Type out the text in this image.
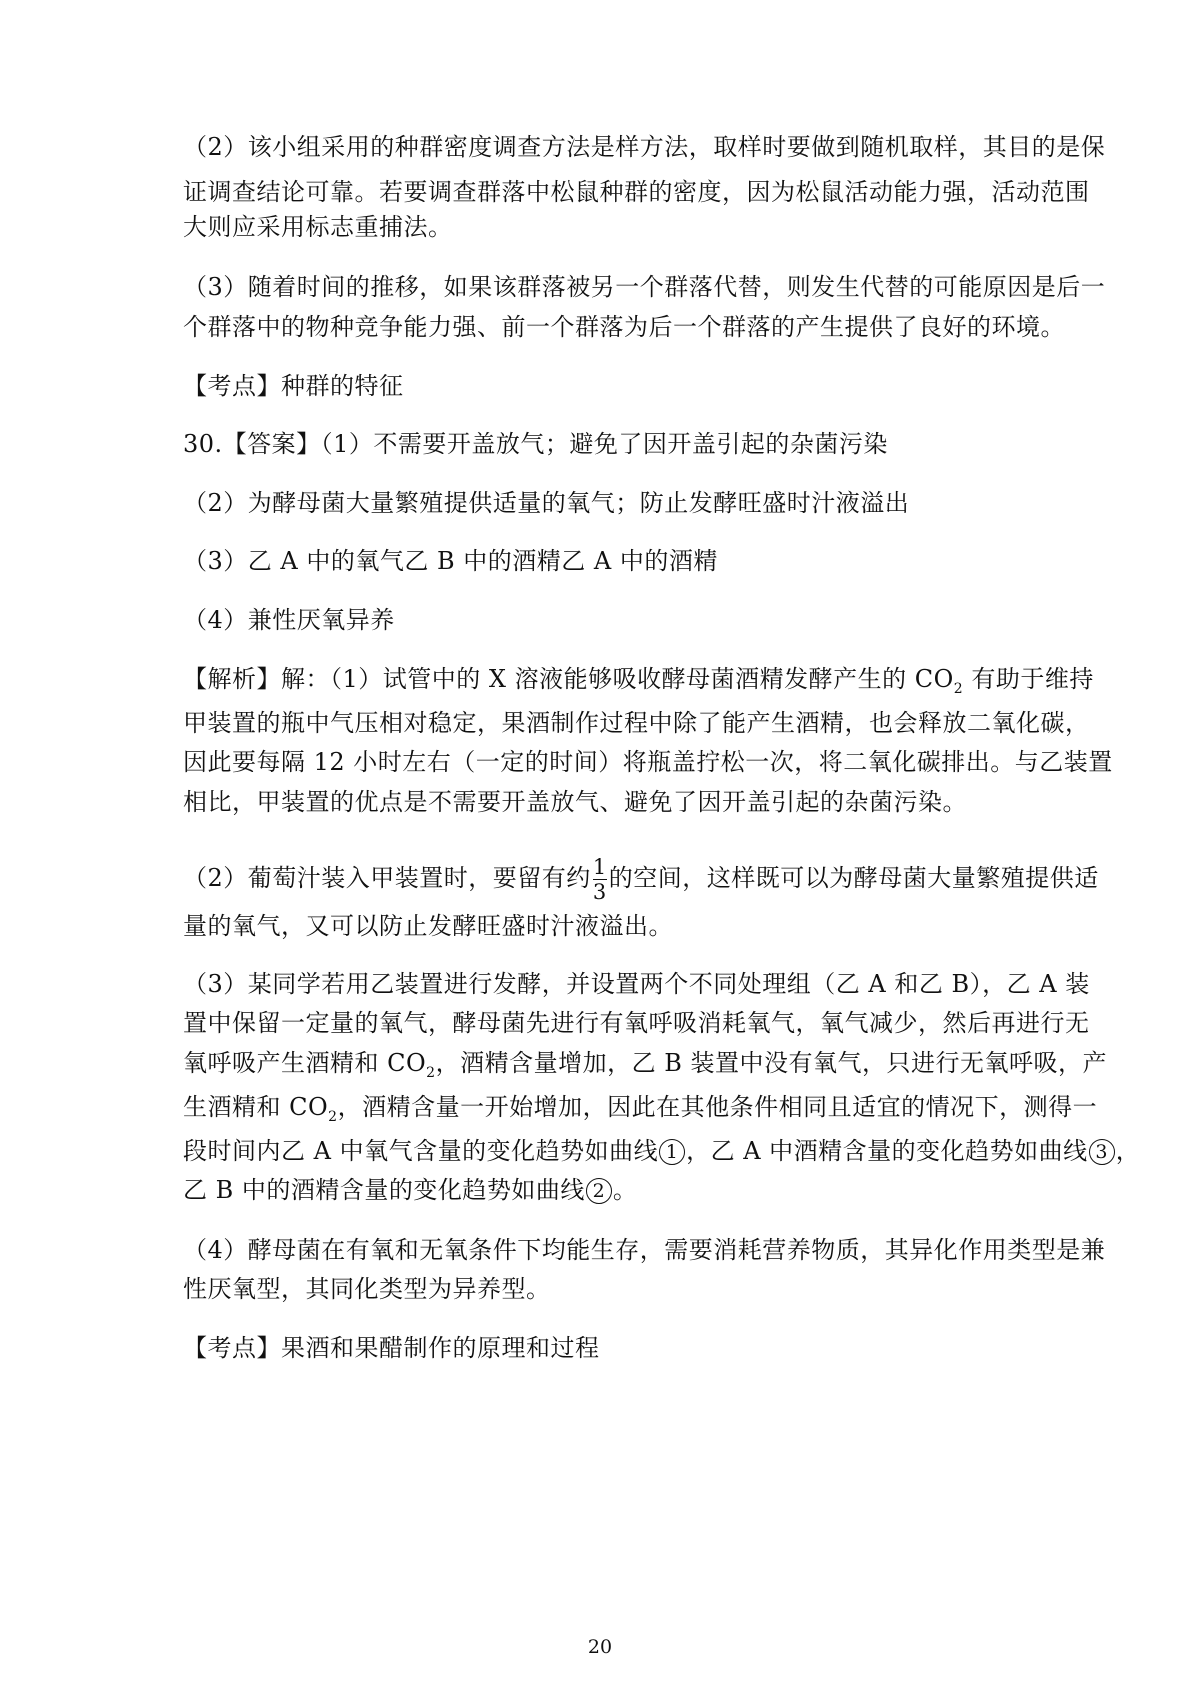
（2）该小组采用的种群密度调查方法是样方法，取样时要做到随机取样，其目的是保
证调查结论可靠。若要调查群落中松鼠种群的密度，因为松鼠活动能力强，活动范围
大则应采用标志重捕法。
（3）随着时间的推移，如果该群落被另一个群落代替，则发生代替的可能原因是后一
个群落中的物种竞争能力强、前一个群落为后一个群落的产生提供了良好的环境。
【考点】种群的特征
30.【答案】（1）不需要开盖放气；避免了因开盖引起的杂菌污染
（2）为酵母菌大量繁殖提供适量的氧气；防止发酵旺盛时汁液溢出
（3）乙 A 中的氧气乙 B 中的酒精乙 A 中的酒精
（4）兼性厌氧异养
【解析】解：（1）试管中的 X 溶液能够吸收酵母菌酒精发酵产生的 $CO_2$ 有助于维持
甲装置的瓶中气压相对稳定，果酒制作过程中除了能产生酒精，也会释放二氧化碳，
因此要每隔 12 小时左右（一定的时间）将瓶盖拧松一次，将二氧化碳排出。与乙装置
相比，甲装置的优点是不需要开盖放气、避免了因开盖引起的杂菌污染。
（2）葡萄汁装入甲装置时，要留有约 $\frac{1}{3}$ 的空间，这样既可以为酵母菌大量繁殖提供适
量的氧气，又可以防止发酵旺盛时汁液溢出。
（3）某同学若用乙装置进行发酵，并设置两个不同处理组（乙 A 和乙 B），乙 A 装
置中保留一定量的氧气，酵母菌先进行有氧呼吸消耗氧气，氧气减少，然后再进行无
氧呼吸产生酒精和 $CO_2$，酒精含量增加，乙 B 装置中没有氧气，只进行无氧呼吸，产
生酒精和 $CO_2$，酒精含量一开始增加，因此在其他条件相同且适宜的情况下，测得一
段时间内乙 A 中氧气含量的变化趋势如曲线 1 ，乙 A 中酒精含量的变化趋势如曲线 3 ，
乙 B 中的酒精含量的变化趋势如曲线 2 。
（4）酵母菌在有氧和无氧条件下均能生存，需要消耗营养物质，其异化作用类型是兼
性厌氧型，其同化类型为异养型。
【考点】果酒和果醋制作的原理和过程
20
